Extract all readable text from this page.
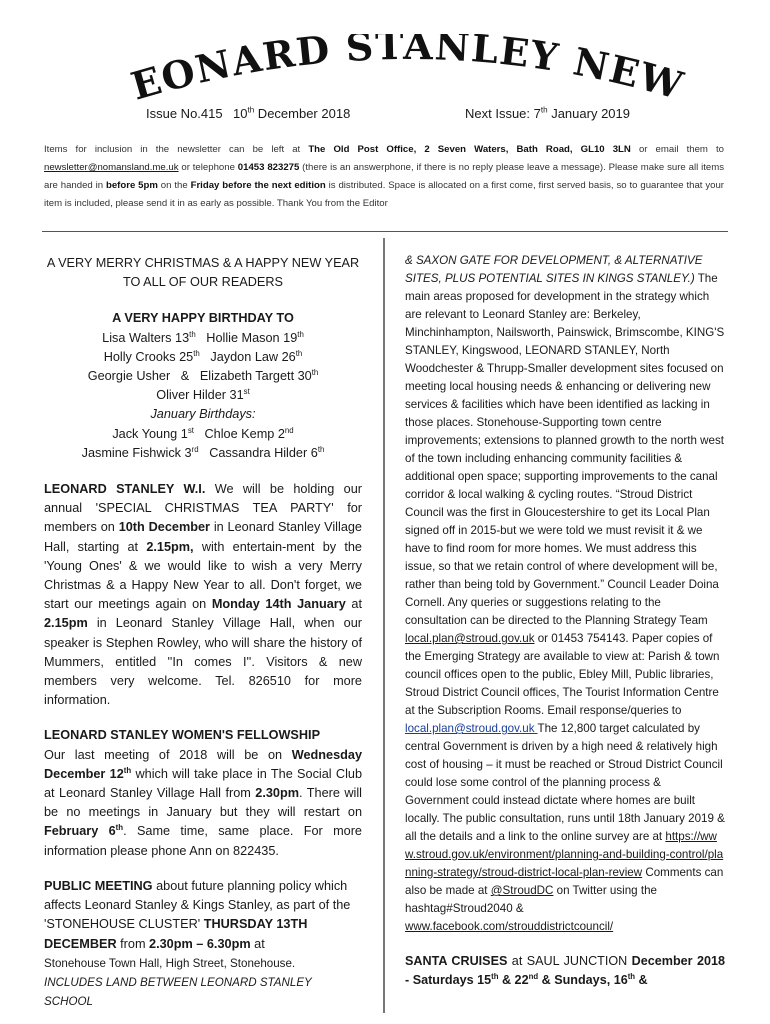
EONARD STANLEY NEW
Issue No.415 10th December 2018	Next Issue: 7th January 2019
Items for inclusion in the newsletter can be left at The Old Post Office, 2 Seven Waters, Bath Road, GL10 3LN or email them to newsletter@nomansland.me.uk or telephone 01453 823275 (there is an answerphone, if there is no reply please leave a message). Please make sure all items are handed in before 5pm on the Friday before the next edition is distributed. Space is allocated on a first come, first served basis, so to guarantee that your item is included, please send it in as early as possible. Thank You from the Editor

A VERY MERRY CHRISTMAS & A HAPPY NEW YEAR

TO ALL OF OUR READERS

A VERY HAPPY BIRTHDAY TO

Lisa Walters 13th   Hollie Mason 19th

Holly Crooks 25th   Jaydon Law 26th

Georgie Usher   &   Elizabeth Targett 30th

Oliver Hilder 31st

January Birthdays:

Jack Young 1st   Chloe Kemp 2nd

Jasmine Fishwick 3rd   Cassandra Hilder 6th

LEONARD STANLEY W.I. We will be holding our annual 'SPECIAL CHRISTMAS TEA PARTY' for members on 10th December in Leonard Stanley Village Hall, starting at 2.15pm, with entertain-ment by the 'Young Ones' & we would like to wish a very Merry Christmas & a Happy New Year to all. Don't forget, we start our meetings again on Monday 14th January at 2.15pm in Leonard Stanley Village Hall, when our speaker is Stephen Rowley, who will share the history of Mummers, entitled ''In comes I''. Visitors & new members very welcome. Tel. 826510 for more information.

LEONARD STANLEY WOMEN'S FELLOWSHIP

Our last meeting of 2018 will be on Wednesday December 12th which will take place in The Social Club at Leonard Stanley Village Hall from 2.30pm. There will be no meetings in January but they will restart on February 6th. Same time, same place. For more information please phone Ann on 822435.

PUBLIC MEETING about future planning policy which affects Leonard Stanley & Kings Stanley, as part of the 'STONEHOUSE CLUSTER' THURSDAY 13TH DECEMBER from 2.30pm – 6.30pm at

Stonehouse Town Hall, High Street, Stonehouse.

INCLUDES LAND BETWEEN LEONARD STANLEY SCHOOL

& SAXON GATE FOR DEVELOPMENT, & ALTERNATIVE SITES, PLUS POTENTIAL SITES IN KINGS STANLEY.) The main areas proposed for development in the strategy which are relevant to Leonard Stanley are: Berkeley, Minchinhampton, Nailsworth, Painswick, Brimscombe, KING'S STANLEY, Kingswood, LEONARD STANLEY, North Woodchester & Thrupp-Smaller development sites focused on meeting local housing needs & enhancing or delivering new services & facilities which have been identified as lacking in those places. Stonehouse-Supporting town centre improvements; extensions to planned growth to the north west of the town including enhancing community facilities & additional open space; supporting improvements to the canal corridor & local walking & cycling routes. “Stroud District Council was the first in Gloucestershire to get its Local Plan signed off in 2015-but we were told we must revisit it & we have to find room for more homes. We must address this issue, so that we retain control of where development will be, rather than being told by Government.” Council Leader Doina Cornell. Any queries or suggestions relating to the consultation can be directed to the Planning Strategy Team local.plan@stroud.gov.uk or 01453 754143. Paper copies of the Emerging Strategy are available to view at: Parish & town council offices open to the public, Ebley Mill, Public libraries, Stroud District Council offices, The Tourist Information Centre at the Subscription Rooms. Email response/queries to local.plan@stroud.gov.uk The 12,800 target calculated by central Government is driven by a high need & relatively high cost of housing – it must be reached or Stroud District Council could lose some control of the planning process & Government could instead dictate where homes are built locally. The public consultation, runs until 18th January 2019 & all the details and a link to the online survey are at https://www.stroud.gov.uk/environment/planning-and-building-control/planning-strategy/stroud-district-local-plan-review Comments can also be made at @StroudDC on Twitter using the hashtag#Stroud2040 & www.facebook.com/strouddistrictcouncil/

SANTA CRUISES at SAUL JUNCTION December 2018 - Saturdays 15th & 22nd & Sundays, 16th &
